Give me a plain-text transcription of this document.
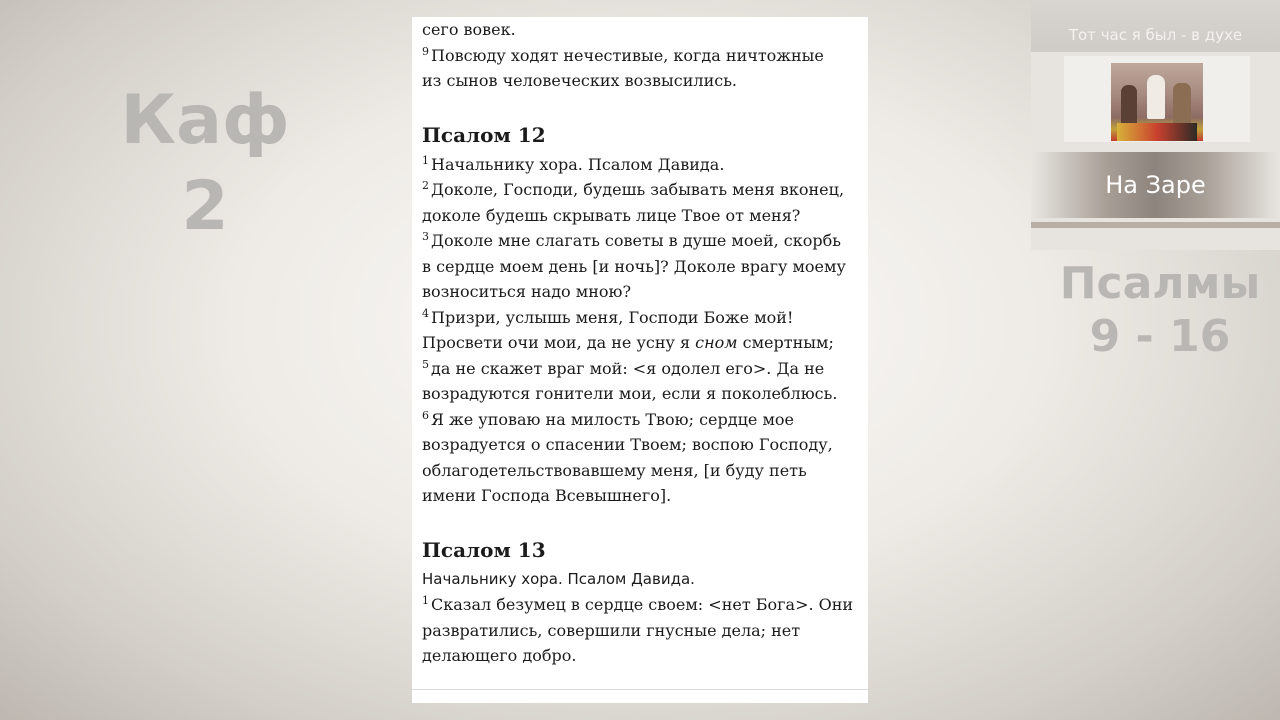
Каф
2
Псалмы
9 - 16
сего вовек.
$^9$ Повсюду ходят нечестивые, когда ничтожные
из сынов человеческих возвысились.
Псалом 12
$^1$ Начальнику хора. Псалом Давида.
$^2$ Доколе, Господи, будешь забывать меня вконец,
доколе будешь скрывать лице Твое от меня?
$^3$ Доколе мне слагать советы в душе моей, скорбь
в сердце моем день [и ночь]? Доколе врагу моему
возноситься надо мною?
$^4$ Призри, услышь меня, Господи Боже мой!
Просвети очи мои, да не усну я сном смертным;
$^5$ да не скажет враг мой: <я одолел его>. Да не
возрадуются гонители мои, если я поколеблюсь.
$^6$ Я же уповаю на милость Твою; сердце мое
возрадуется о спасении Твоем; воспою Господу,
облагодетельствовавшему меня, [и буду петь
имени Господа Всевышнего].
Псалом 13
Начальнику хора. Псалом Давида.
$^1$ Сказал безумец в сердце своем: <нет Бога>. Они
развратились, совершили гнусные дела; нет
делающего добро.
Тот час я был - в духе
На Заре
